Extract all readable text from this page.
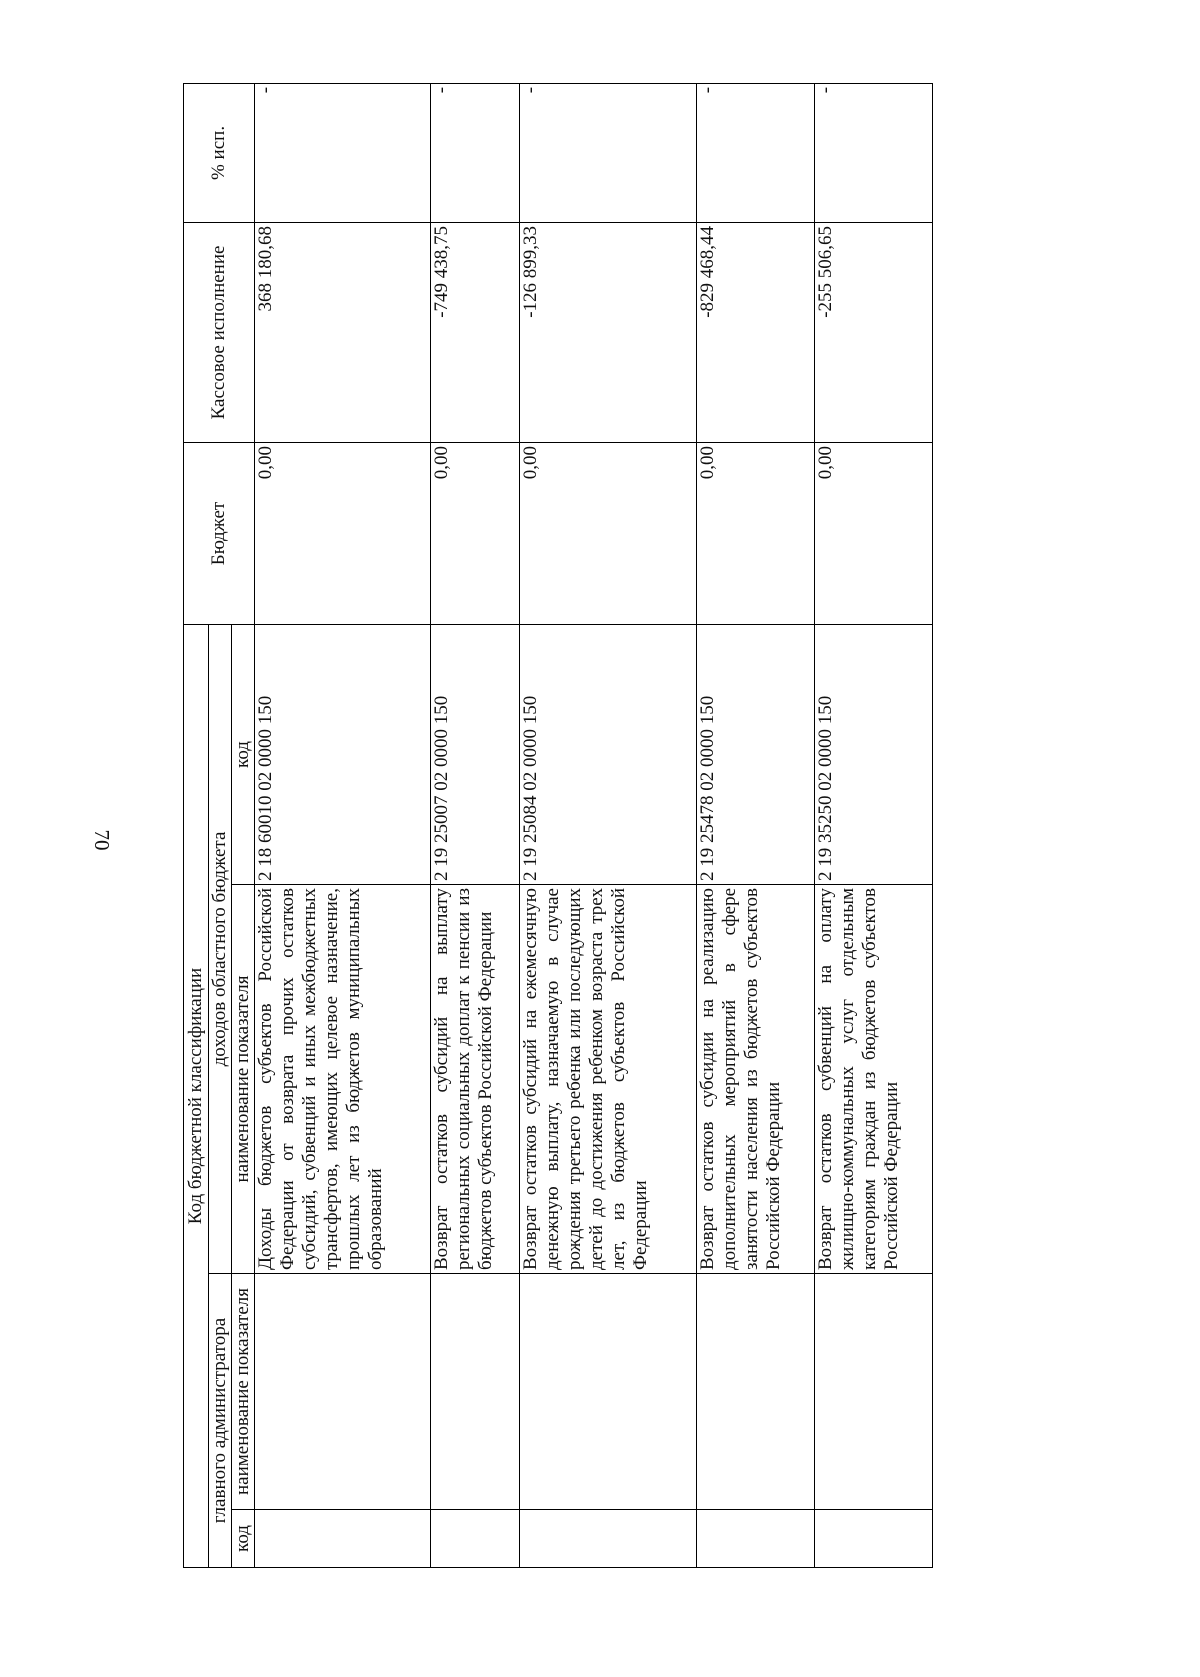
70
Код бюджетной классификации				Бюджет	Кассовое исполнение	% исп.
главного администратора		доходов областного бюджета				
код	наименование показателя	наименование показателя	код			
		Доходы бюджетов субъектов Российской Федерации от возврата прочих остатков субсидий, субвенций и иных межбюджетных трансфертов, имеющих целевое назначение, прошлых лет из бюджетов муниципальных образований	2 18 60010 02 0000 150	0,00	368 180,68	-
		Возврат остатков субсидий на выплату региональных социальных доплат к пенсии из бюджетов субъектов Российской Федерации	2 19 25007 02 0000 150	0,00	-749 438,75	-
		Возврат остатков субсидий на ежемесячную денежную выплату, назначаемую в случае рождения третьего ребенка или последующих детей до достижения ребенком возраста трех лет, из бюджетов субъектов Российской Федерации	2 19 25084 02 0000 150	0,00	-126 899,33	-
		Возврат остатков субсидии на реализацию дополнительных мероприятий в сфере занятости населения из бюджетов субъектов Российской Федерации	2 19 25478 02 0000 150	0,00	-829 468,44	-
		Возврат остатков субвенций на оплату жилищно-коммунальных услуг отдельным категориям граждан из бюджетов субъектов Российской Федерации	2 19 35250 02 0000 150	0,00	-255 506,65	-
